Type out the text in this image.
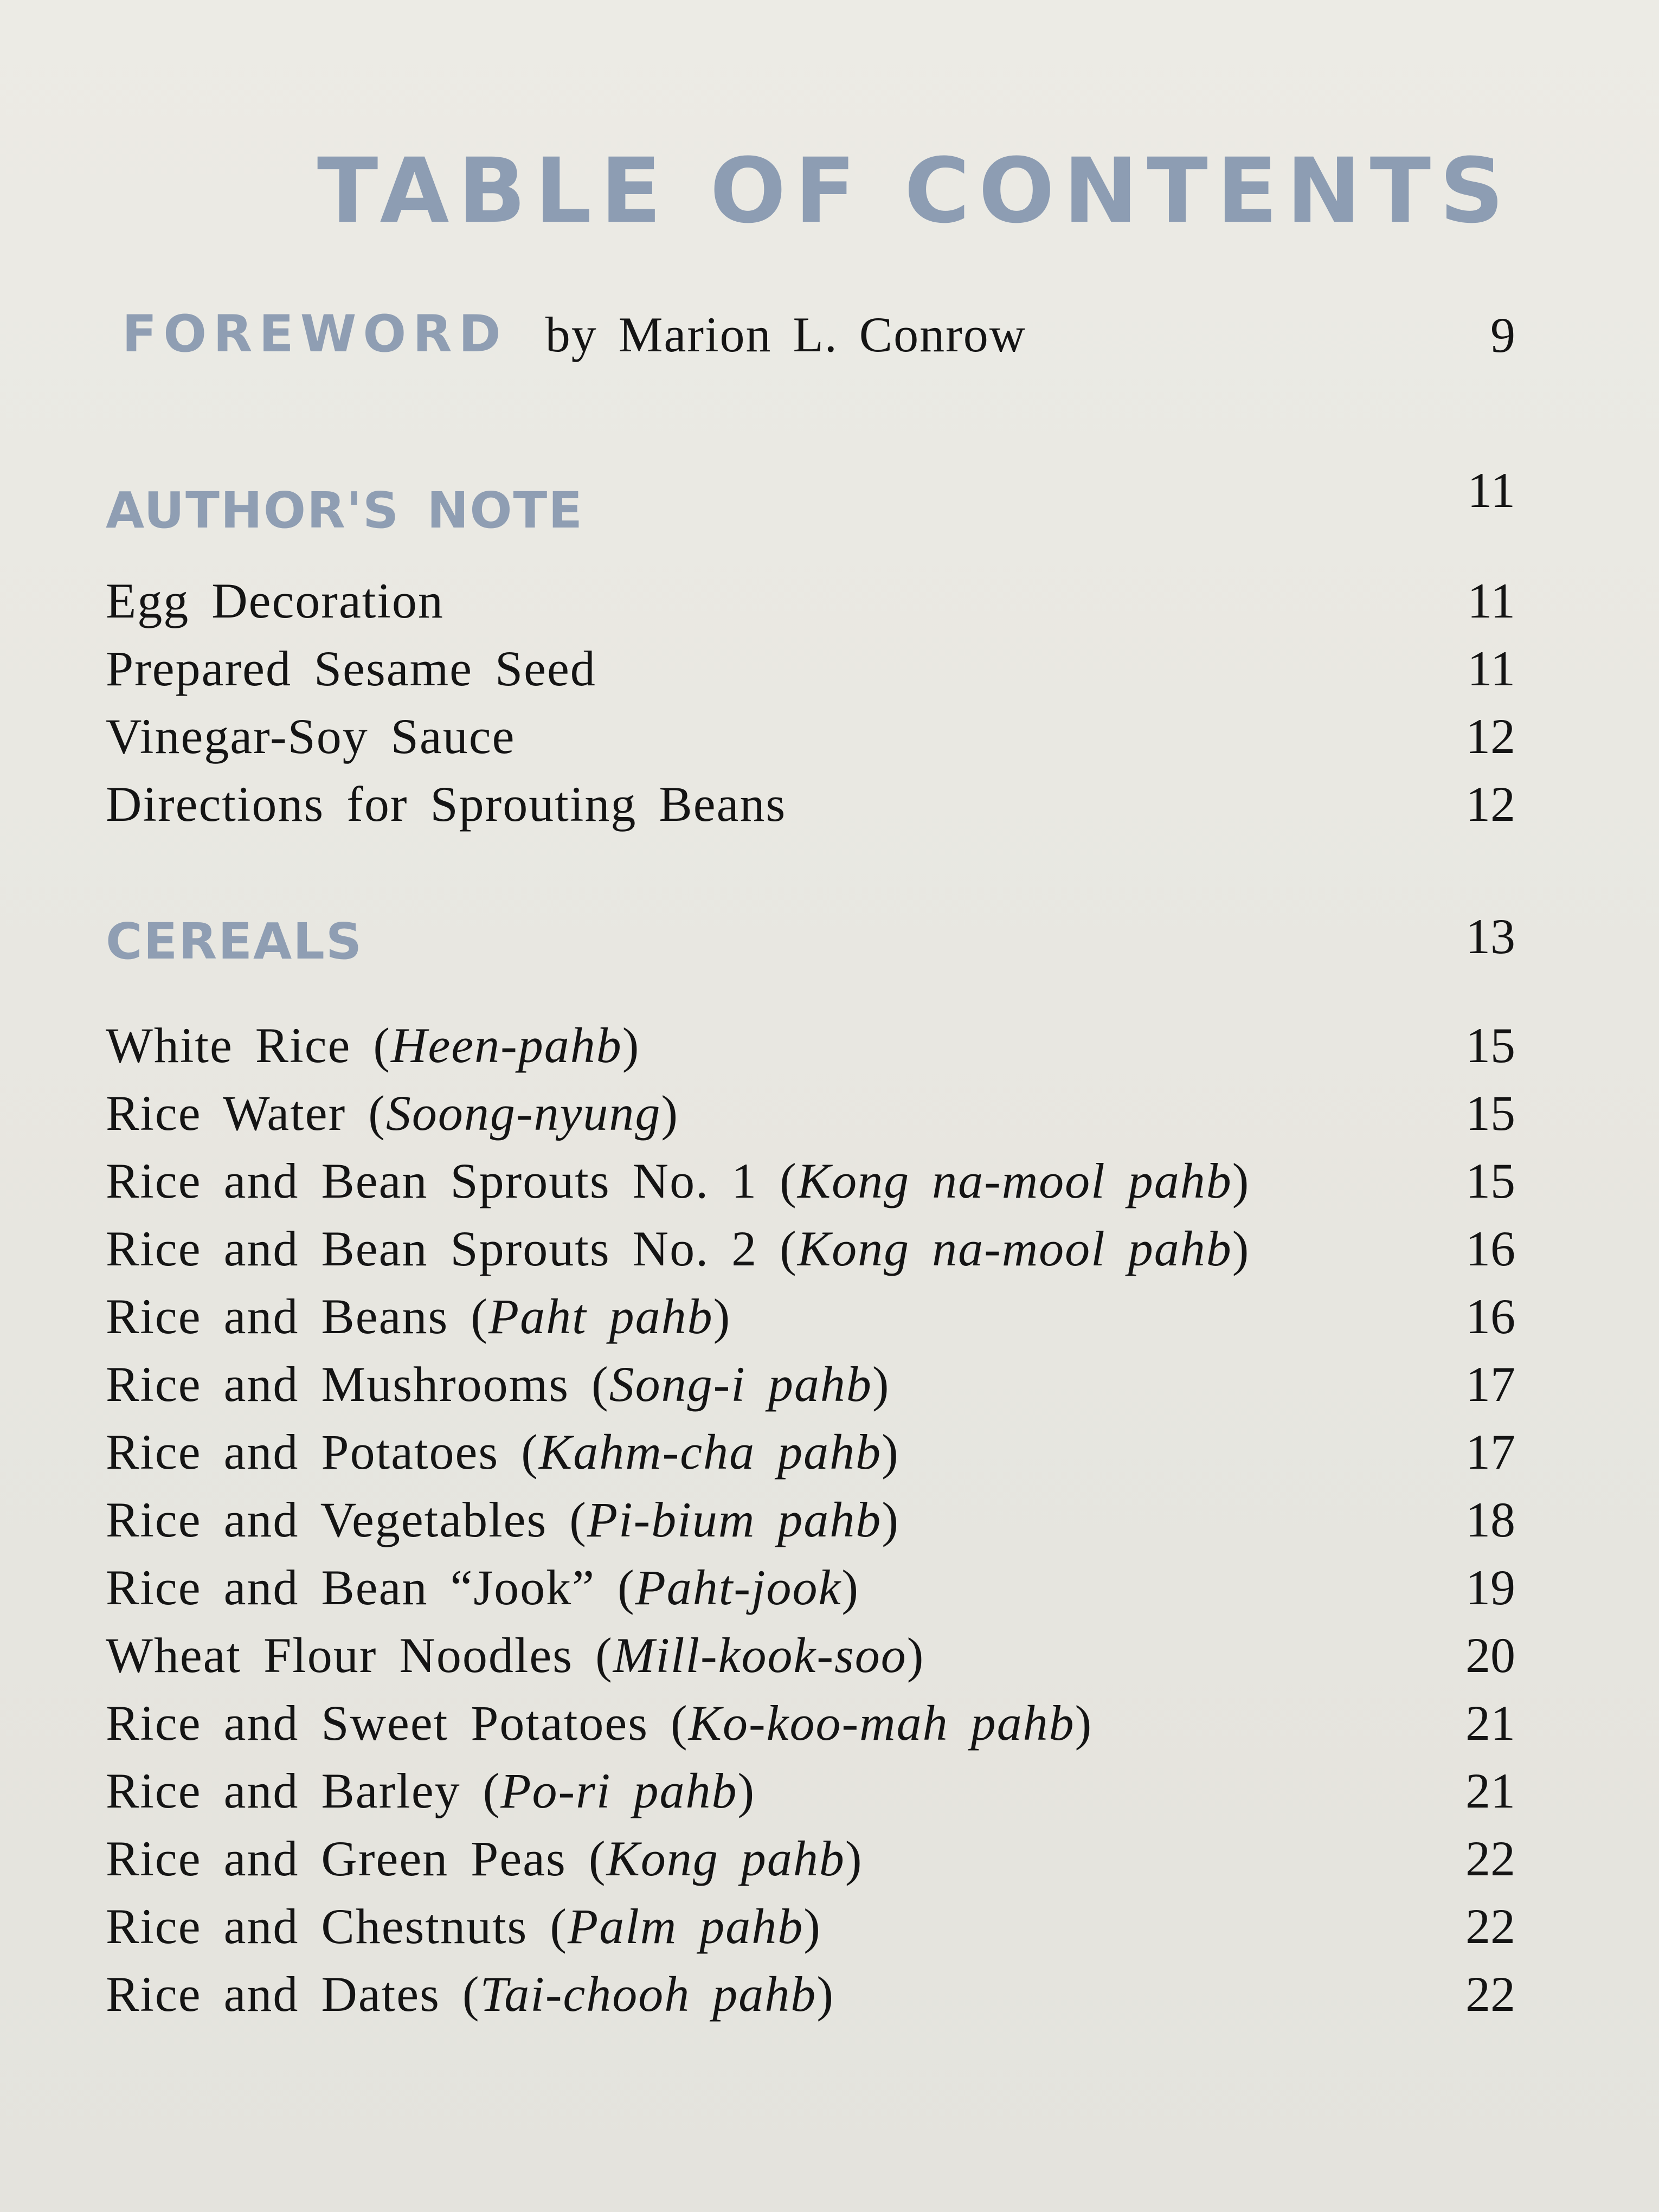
TABLE OF CONTENTS
FOREWORD by Marion L. Conrow	9
AUTHOR'S NOTE	11
Egg Decoration	11
Prepared Sesame Seed	11
Vinegar-Soy Sauce	12
Directions for Sprouting Beans	12
CEREALS	13
White Rice (Heen-pahb)	15
Rice Water (Soong-nyung)	15
Rice and Bean Sprouts No. 1 (Kong na-mool pahb)	15
Rice and Bean Sprouts No. 2 (Kong na-mool pahb)	16
Rice and Beans (Paht pahb)	16
Rice and Mushrooms (Song-i pahb)	17
Rice and Potatoes (Kahm-cha pahb)	17
Rice and Vegetables (Pi-bium pahb)	18
Rice and Bean “Jook” (Paht-jook)	19
Wheat Flour Noodles (Mill-kook-soo)	20
Rice and Sweet Potatoes (Ko-koo-mah pahb)	21
Rice and Barley (Po-ri pahb)	21
Rice and Green Peas (Kong pahb)	22
Rice and Chestnuts (Palm pahb)	22
Rice and Dates (Tai-chooh pahb)	22
